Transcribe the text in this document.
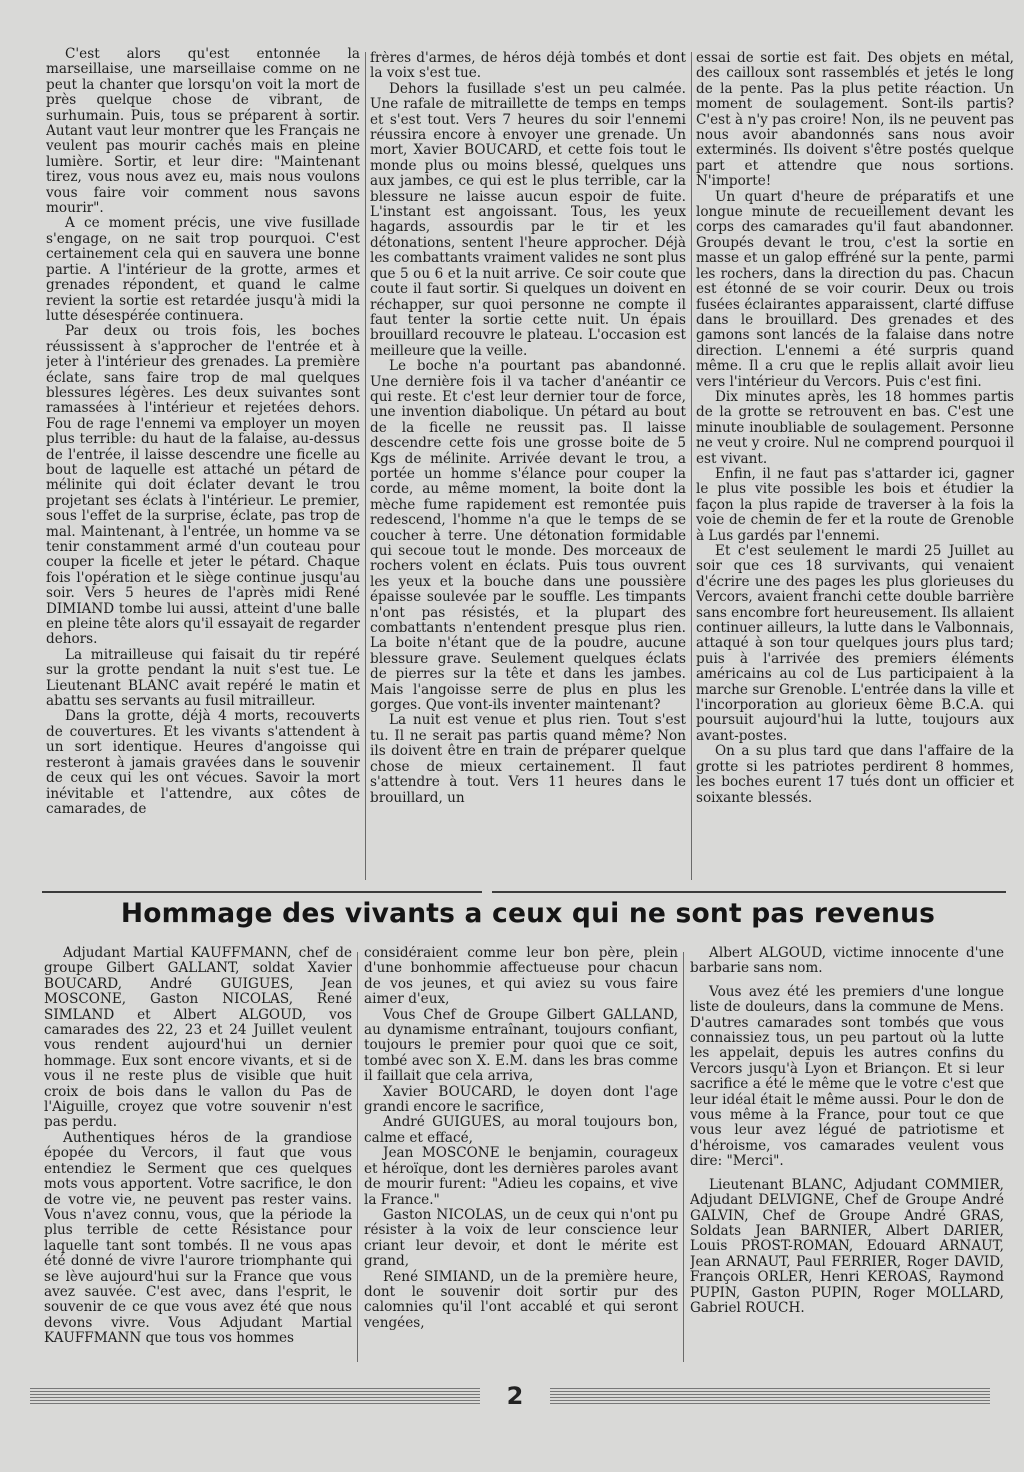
C'est alors qu'est entonnée la marseillaise, une marseillaise comme on ne peut la chanter que lorsqu'on voit la mort de près quelque chose de vibrant, de surhumain. Puis, tous se préparent à sortir. Autant vaut leur montrer que les Français ne veulent pas mourir cachés mais en pleine lumière. Sortir, et leur dire: "Maintenant tirez, vous nous avez eu, mais nous voulons vous faire voir comment nous savons mourir".

A ce moment précis, une vive fusillade s'engage, on ne sait trop pourquoi. C'est certainement cela qui en sauvera une bonne partie. A l'intérieur de la grotte, armes et grenades répondent, et quand le calme revient la sortie est retardée jusqu'à midi la lutte désespérée continuera.

Par deux ou trois fois, les boches réussissent à s'approcher de l'entrée et à jeter à l'intérieur des grenades. La première éclate, sans faire trop de mal quelques blessures légères. Les deux suivantes sont ramassées à l'intérieur et rejetées dehors. Fou de rage l'ennemi va employer un moyen plus terrible: du haut de la falaise, au-dessus de l'entrée, il laisse descendre une ficelle au bout de laquelle est attaché un pétard de mélinite qui doit éclater devant le trou projetant ses éclats à l'intérieur. Le premier, sous l'effet de la surprise, éclate, pas trop de mal. Maintenant, à l'entrée, un homme va se tenir constamment armé d'un couteau pour couper la ficelle et jeter le pétard. Chaque fois l'opération et le siège continue jusqu'au soir. Vers 5 heures de l'après midi René DIMIAND tombe lui aussi, atteint d'une balle en pleine tête alors qu'il essayait de regarder dehors.

La mitrailleuse qui faisait du tir repéré sur la grotte pendant la nuit s'est tue. Le Lieutenant BLANC avait repéré le matin et abattu ses servants au fusil mitrailleur.

Dans la grotte, déjà 4 morts, recouverts de couvertures. Et les vivants s'attendent à un sort identique. Heures d'angoisse qui resteront à jamais gravées dans le souvenir de ceux qui les ont vécues. Savoir la mort inévitable et l'attendre, aux côtes de camarades, de

frères d'armes, de héros déjà tombés et dont la voix s'est tue.

Dehors la fusillade s'est un peu calmée. Une rafale de mitraillette de temps en temps et s'est tout. Vers 7 heures du soir l'ennemi réussira encore à envoyer une grenade. Un mort, Xavier BOUCARD, et cette fois tout le monde plus ou moins blessé, quelques uns aux jambes, ce qui est le plus terrible, car la blessure ne laisse aucun espoir de fuite. L'instant est angoissant. Tous, les yeux hagards, assourdis par le tir et les détonations, sentent l'heure approcher. Déjà les combattants vraiment valides ne sont plus que 5 ou 6 et la nuit arrive. Ce soir coute que coute il faut sortir. Si quelques un doivent en réchapper, sur quoi personne ne compte il faut tenter la sortie cette nuit. Un épais brouillard recouvre le plateau. L'occasion est meilleure que la veille.

Le boche n'a pourtant pas abandonné. Une dernière fois il va tacher d'anéantir ce qui reste. Et c'est leur dernier tour de force, une invention diabolique. Un pétard au bout de la ficelle ne reussit pas. Il laisse descendre cette fois une grosse boite de 5 Kgs de mélinite. Arrivée devant le trou, a portée un homme s'élance pour couper la corde, au même moment, la boite dont la mèche fume rapidement est remontée puis redescend, l'homme n'a que le temps de se coucher à terre. Une détonation formidable qui secoue tout le monde. Des morceaux de rochers volent en éclats. Puis tous ouvrent les yeux et la bouche dans une poussière épaisse soulevée par le souffle. Les timpants n'ont pas résistés, et la plupart des combattants n'entendent presque plus rien. La boite n'étant que de la poudre, aucune blessure grave. Seulement quelques éclats de pierres sur la tête et dans les jambes. Mais l'angoisse serre de plus en plus les gorges. Que vont-ils inventer maintenant?

La nuit est venue et plus rien. Tout s'est tu. Il ne serait pas partis quand même? Non ils doivent être en train de préparer quelque chose de mieux certainement. Il faut s'attendre à tout. Vers 11 heures dans le brouillard, un

essai de sortie est fait. Des objets en métal, des cailloux sont rassemblés et jetés le long de la pente. Pas la plus petite réaction. Un moment de soulagement. Sont-ils partis? C'est à n'y pas croire! Non, ils ne peuvent pas nous avoir abandonnés sans nous avoir exterminés. Ils doivent s'être postés quelque part et attendre que nous sortions. N'importe!

Un quart d'heure de préparatifs et une longue minute de recueillement devant les corps des camarades qu'il faut abandonner. Groupés devant le trou, c'est la sortie en masse et un galop effréné sur la pente, parmi les rochers, dans la direction du pas. Chacun est étonné de se voir courir. Deux ou trois fusées éclairantes apparaissent, clarté diffuse dans le brouillard. Des grenades et des gamons sont lancés de la falaise dans notre direction. L'ennemi a été surpris quand même. Il a cru que le replis allait avoir lieu vers l'intérieur du Vercors. Puis c'est fini.

Dix minutes après, les 18 hommes partis de la grotte se retrouvent en bas. C'est une minute inoubliable de soulagement. Personne ne veut y croire. Nul ne comprend pourquoi il est vivant.

Enfin, il ne faut pas s'attarder ici, gagner le plus vite possible les bois et étudier la façon la plus rapide de traverser à la fois la voie de chemin de fer et la route de Grenoble à Lus gardés par l'ennemi.

Et c'est seulement le mardi 25 Juillet au soir que ces 18 survivants, qui venaient d'écrire une des pages les plus glorieuses du Vercors, avaient franchi cette double barrière sans encombre fort heureusement. Ils allaient continuer ailleurs, la lutte dans le Valbonnais, attaqué à son tour quelques jours plus tard; puis à l'arrivée des premiers éléments américains au col de Lus participaient à la marche sur Grenoble. L'entrée dans la ville et l'incorporation au glorieux 6ème B.C.A. qui poursuit aujourd'hui la lutte, toujours aux avant-postes.

On a su plus tard que dans l'affaire de la grotte si les patriotes perdirent 8 hommes, les boches eurent 17 tués dont un officier et soixante blessés.

Hommage des vivants a ceux qui ne sont pas revenus

Adjudant Martial KAUFFMANN, chef de groupe Gilbert GALLANT, soldat Xavier BOUCARD, André GUIGUES, Jean MOSCONE, Gaston NICOLAS, René SIMLAND et Albert ALGOUD, vos camarades des 22, 23 et 24 Juillet veulent vous rendent aujourd'hui un dernier hommage. Eux sont encore vivants, et si de vous il ne reste plus de visible que huit croix de bois dans le vallon du Pas de l'Aiguille, croyez que votre souvenir n'est pas perdu.

Authentiques héros de la grandiose épopée du Vercors, il faut que vous entendiez le Serment que ces quelques mots vous apportent. Votre sacrifice, le don de votre vie, ne peuvent pas rester vains. Vous n'avez connu, vous, que la période la plus terrible de cette Résistance pour laquelle tant sont tombés. Il ne vous apas été donné de vivre l'aurore triomphante qui se lève aujourd'hui sur la France que vous avez sauvée. C'est avec, dans l'esprit, le souvenir de ce que vous avez été que nous devons vivre. Vous Adjudant Martial KAUFFMANN que tous vos hommes

considéraient comme leur bon père, plein d'une bonhommie affectueuse pour chacun de vos jeunes, et qui aviez su vous faire aimer d'eux,

Vous Chef de Groupe Gilbert GALLAND, au dynamisme entraînant, toujours confiant, toujours le premier pour quoi que ce soit, tombé avec son X. E.M. dans les bras comme il faillait que cela arriva,

Xavier BOUCARD, le doyen dont l'age grandi encore le sacrifice,

André GUIGUES, au moral toujours bon, calme et effacé,

Jean MOSCONE le benjamin, courageux et héroïque, dont les dernières paroles avant de mourir furent: "Adieu les copains, et vive la France."

Gaston NICOLAS, un de ceux qui n'ont pu résister à la voix de leur conscience leur criant leur devoir, et dont le mérite est grand,

René SIMIAND, un de la première heure, dont le souvenir doit sortir pur des calomnies qu'il l'ont accablé et qui seront vengées,

Albert ALGOUD, victime innocente d'une barbarie sans nom.

Vous avez été les premiers d'une longue liste de douleurs, dans la commune de Mens. D'autres camarades sont tombés que vous connaissiez tous, un peu partout où la lutte les appelait, depuis les autres confins du Vercors jusqu'à Lyon et Briançon. Et si leur sacrifice a été le même que le votre c'est que leur idéal était le même aussi. Pour le don de vous même à la France, pour tout ce que vous leur avez légué de patriotisme et d'héroisme, vos camarades veulent vous dire: "Merci".

Lieutenant BLANC, Adjudant COMMIER, Adjudant DELVIGNE, Chef de Groupe André GALVIN, Chef de Groupe André GRAS, Soldats Jean BARNIER, Albert DARIER, Louis PROST-ROMAN, Edouard ARNAUT, Jean ARNAUT, Paul FERRIER, Roger DAVID, François ORLER, Henri KEROAS, Raymond PUPIN, Gaston PUPIN, Roger MOLLARD, Gabriel ROUCH.

2
